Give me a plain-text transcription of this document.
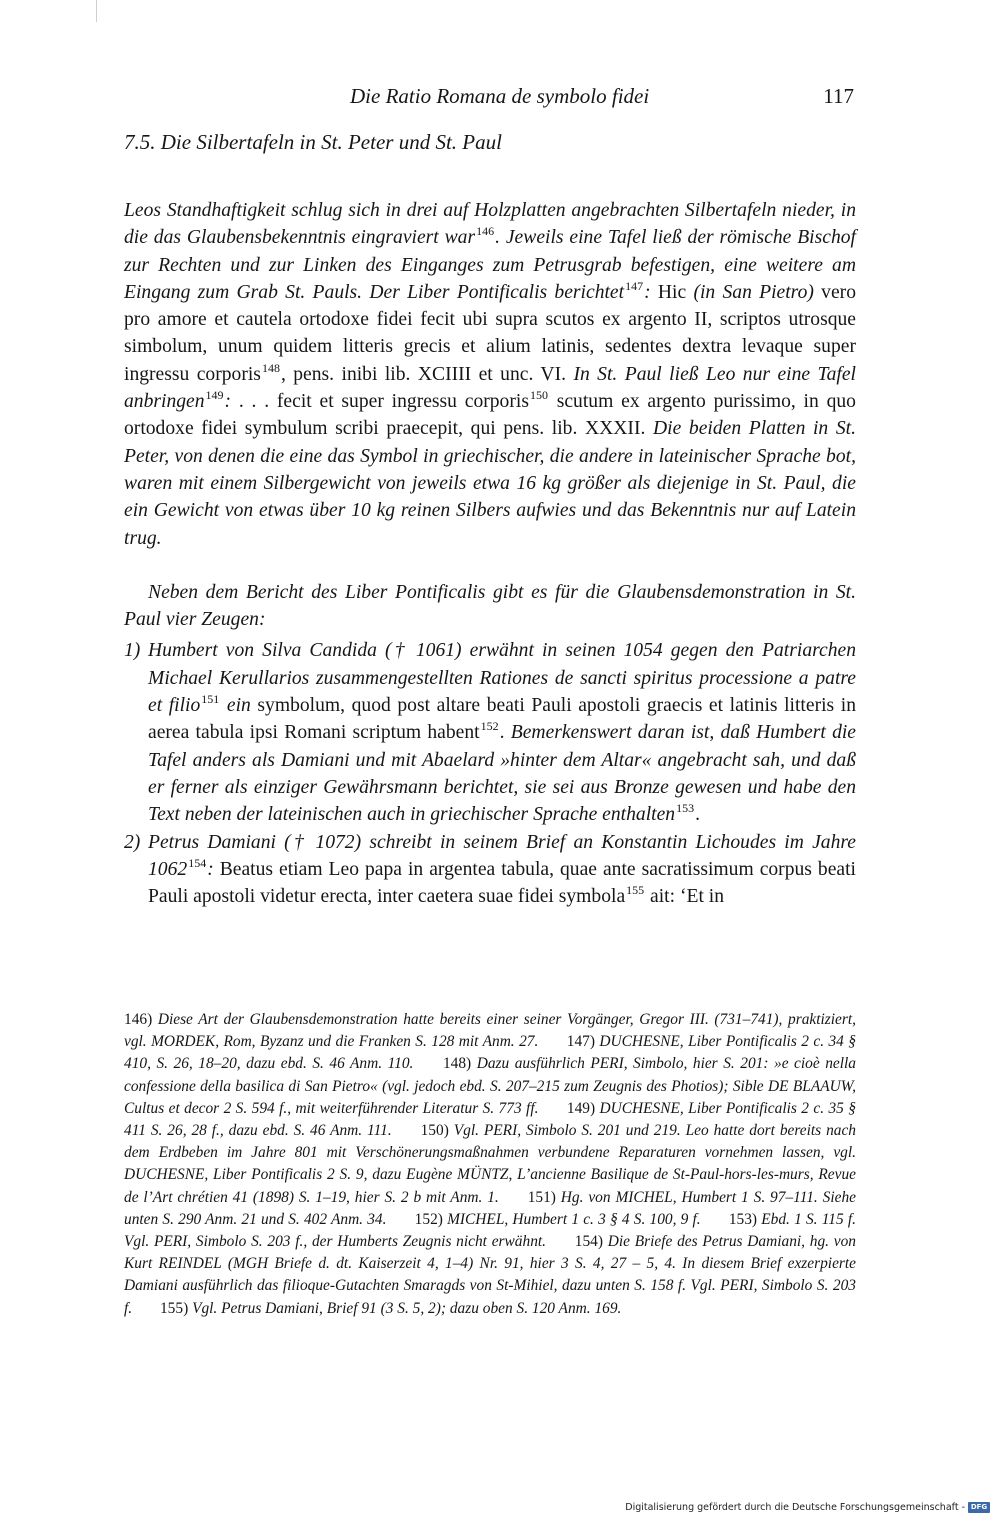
Die Ratio Romana de symbolo fidei	117
7.5. Die Silbertafeln in St. Peter und St. Paul

Leos Standhaftigkeit schlug sich in drei auf Holzplatten angebrachten Silbertafeln nieder, in die das Glaubensbekenntnis eingraviert war$^{146}$. Jeweils eine Tafel ließ der römische Bischof zur Rechten und zur Linken des Einganges zum Petrusgrab befestigen, eine weitere am Eingang zum Grab St. Pauls. Der Liber Pontificalis berichtet$^{147}$: Hic (in San Pietro) vero pro amore et cautela ortodoxe fidei fecit ubi supra scutos ex argento II, scriptos utrosque simbolum, unum quidem litteris grecis et alium latinis, sedentes dextra levaque super ingressu corporis$^{148}$, pens. inibi lib. XCIIII et unc. VI. In St. Paul ließ Leo nur eine Tafel anbringen$^{149}$: . . . fecit et super ingressu corporis$^{150}$ scutum ex argento purissimo, in quo ortodoxe fidei symbulum scribi praecepit, qui pens. lib. XXXII. Die beiden Platten in St. Peter, von denen die eine das Symbol in griechischer, die andere in lateinischer Sprache bot, waren mit einem Silbergewicht von jeweils etwa 16 kg größer als diejenige in St. Paul, die ein Gewicht von etwas über 10 kg reinen Silbers aufwies und das Bekenntnis nur auf Latein trug.

Neben dem Bericht des Liber Pontificalis gibt es für die Glaubensdemonstration in St. Paul vier Zeugen:

1) Humbert von Silva Candida († 1061) erwähnt in seinen 1054 gegen den Patriarchen Michael Kerullarios zusammengestellten Rationes de sancti spiritus processione a patre et filio$^{151}$ ein symbolum, quod post altare beati Pauli apostoli graecis et latinis litteris in aerea tabula ipsi Romani scriptum habent$^{152}$. Bemerkenswert daran ist, daß Humbert die Tafel anders als Damiani und mit Abaelard »hinter dem Altar« angebracht sah, und daß er ferner als einziger Gewährsmann berichtet, sie sei aus Bronze gewesen und habe den Text neben der lateinischen auch in griechischer Sprache enthalten$^{153}$.
2) Petrus Damiani († 1072) schreibt in seinem Brief an Konstantin Lichoudes im Jahre 1062$^{154}$: Beatus etiam Leo papa in argentea tabula, quae ante sacratissimum corpus beati Pauli apostoli videtur erecta, inter caetera suae fidei symbola$^{155}$ ait: ‘Et in
146) Diese Art der Glaubensdemonstration hatte bereits einer seiner Vorgänger, Gregor III. (731–741), praktiziert, vgl. MORDEK, Rom, Byzanz und die Franken S. 128 mit Anm. 27. 147) DUCHESNE, Liber Pontificalis 2 c. 34 § 410, S. 26, 18–20, dazu ebd. S. 46 Anm. 110. 148) Dazu ausführlich PERI, Simbolo, hier S. 201: »e cioè nella confessione della basilica di San Pietro« (vgl. jedoch ebd. S. 207–215 zum Zeugnis des Photios); Sible DE BLAAUW, Cultus et decor 2 S. 594 f., mit weiterführender Literatur S. 773 ff. 149) DUCHESNE, Liber Pontificalis 2 c. 35 § 411 S. 26, 28 f., dazu ebd. S. 46 Anm. 111. 150) Vgl. PERI, Simbolo S. 201 und 219. Leo hatte dort bereits nach dem Erdbeben im Jahre 801 mit Verschönerungsmaßnahmen verbundene Reparaturen vornehmen lassen, vgl. DUCHESNE, Liber Pontificalis 2 S. 9, dazu Eugène MÜNTZ, L’ancienne Basilique de St-Paul-hors-les-murs, Revue de l’Art chrétien 41 (1898) S. 1–19, hier S. 2 b mit Anm. 1. 151) Hg. von MICHEL, Humbert 1 S. 97–111. Siehe unten S. 290 Anm. 21 und S. 402 Anm. 34. 152) MICHEL, Humbert 1 c. 3 § 4 S. 100, 9 f. 153) Ebd. 1 S. 115 f. Vgl. PERI, Simbolo S. 203 f., der Humberts Zeugnis nicht erwähnt. 154) Die Briefe des Petrus Damiani, hg. von Kurt REINDEL (MGH Briefe d. dt. Kaiserzeit 4, 1–4) Nr. 91, hier 3 S. 4, 27 – 5, 4. In diesem Brief exzerpierte Damiani ausführlich das filioque-Gutachten Smaragds von St-Mihiel, dazu unten S. 158 f. Vgl. PERI, Simbolo S. 203 f. 155) Vgl. Petrus Damiani, Brief 91 (3 S. 5, 2); dazu oben S. 120 Anm. 169.
Digitalisierung gefördert durch die Deutsche Forschungsgemeinschaft - DFG
